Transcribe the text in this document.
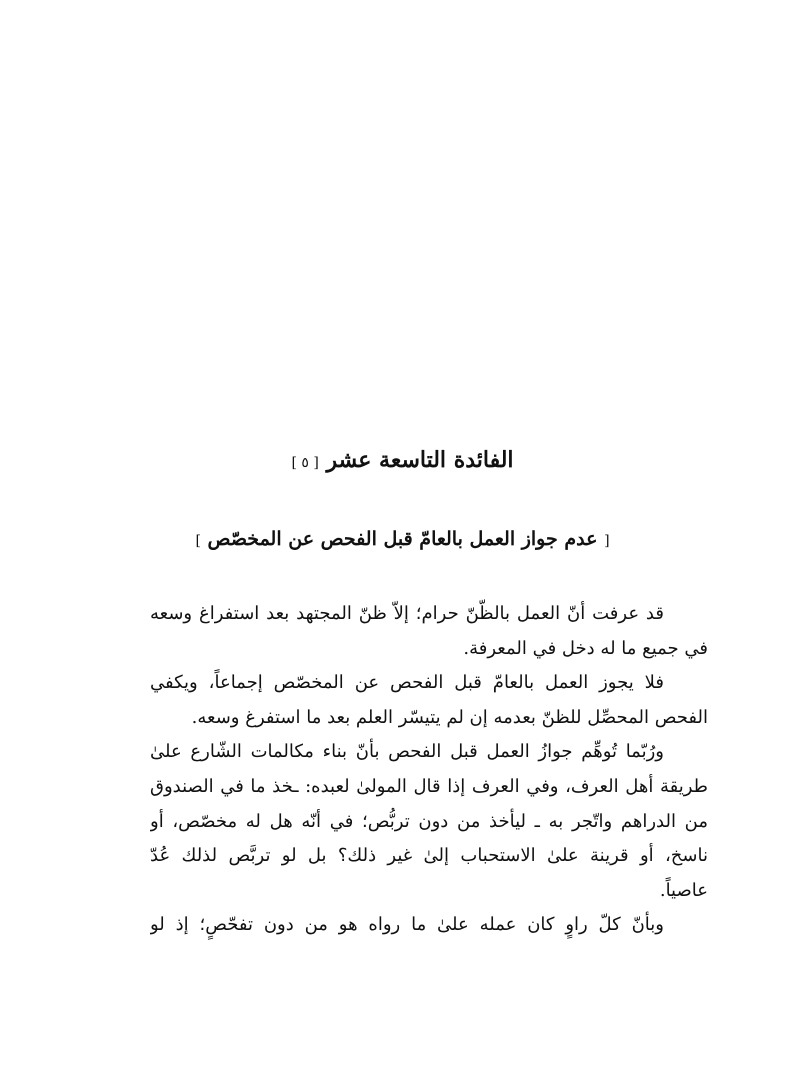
الفائدة التاسعة عشر [ ٥ ]
[ عدم جواز العمل بالعامّ قبل الفحص عن المخصّص ]
قد عرفت أنّ العمل بالظّنّ حرام؛ إلاّ ظنّ المجتهد بعد استفراغ وسعه
في جميع ما له دخل في المعرفة.
فلا يجوز العمل بالعامّ قبل الفحص عن المخصّص إجماعاً، ويكفي
الفحص المحصِّل للظنّ بعدمه إن لم يتيسّر العلم بعد ما استفرغ وسعه.
ورُبّما تُوهِّم جوازُ العمل قبل الفحص بأنّ بناء مكالمات الشّارع علىٰ
طريقة أهل العرف، وفي العرف إذا قال المولىٰ لعبده: ـخذ ما في الصندوق
من الدراهم واتّجر به ـ ليأخذ من دون تربُّص؛ في أنّه هل له مخصّص، أو
ناسخ، أو قرينة علىٰ الاستحباب إلىٰ غير ذلك؟ بل لو تربَّص لذلك عُدّ
عاصياً.
وبأنّ كلّ راوٍ كان عمله علىٰ ما رواه هو من دون تفحّصٍ؛ إذ لو
